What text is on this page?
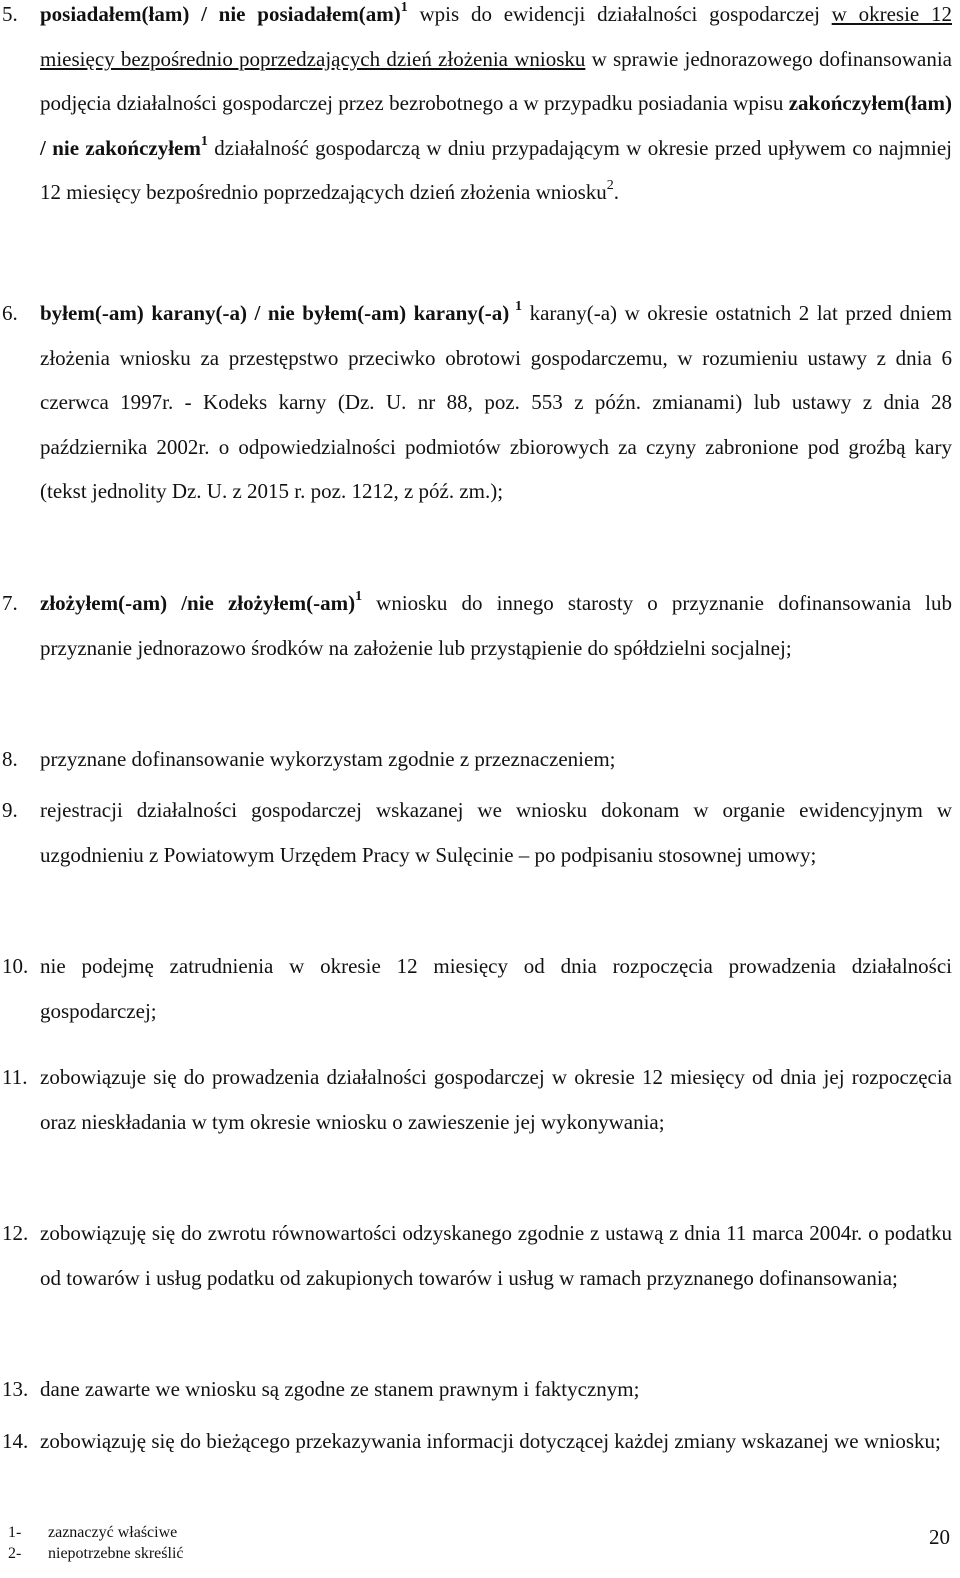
5.	posiadałem(łam) / nie posiadałem(am)$^1$ wpis do ewidencji działalności gospodarczej w okresie 12 miesięcy bezpośrednio poprzedzających dzień złożenia wniosku w sprawie jednorazowego dofinansowania podjęcia działalności gospodarczej przez bezrobotnego a w przypadku posiadania wpisu zakończyłem(łam) / nie zakończyłem$^1$ działalność gospodarczą w dniu przypadającym w okresie przed upływem co najmniej 12 miesięcy bezpośrednio poprzedzających dzień złożenia wniosku$^2$.
6.	byłem(-am) karany(-a) / nie byłem(-am) karany(-a) $^1$ karany(-a) w okresie ostatnich 2 lat przed dniem złożenia wniosku za przestępstwo przeciwko obrotowi gospodarczemu, w rozumieniu ustawy z dnia 6 czerwca 1997r. - Kodeks karny (Dz. U. nr 88, poz. 553 z późn. zmianami) lub ustawy z dnia 28 października 2002r. o odpowiedzialności podmiotów zbiorowych za czyny zabronione pod groźbą kary (tekst jednolity Dz. U. z 2015 r. poz. 1212, z póź. zm.);
7.	złożyłem(-am) /nie $złożyłem(-am)^1$ wniosku do innego starosty o przyznanie dofinansowania lub przyznanie jednorazowo środków na założenie lub przystąpienie do spółdzielni socjalnej;
8.	przyznane dofinansowanie wykorzystam zgodnie z przeznaczeniem;
9.	rejestracji działalności gospodarczej wskazanej we wniosku dokonam w organie ewidencyjnym w uzgodnieniu z Powiatowym Urzędem Pracy w Sulęcinie – po podpisaniu stosownej umowy;
10. nie podejmę zatrudnienia w okresie 12 miesięcy od dnia rozpoczęcia prowadzenia działalności gospodarczej;
11. zobowiązuje się do prowadzenia działalności gospodarczej w okresie 12 miesięcy od dnia jej rozpoczęcia oraz nieskładania w tym okresie wniosku o zawieszenie jej wykonywania;
12. zobowiązuję się do zwrotu równowartości odzyskanego zgodnie z ustawą z dnia 11 marca 2004r. o podatku od towarów i usług podatku od zakupionych towarów i usług w ramach przyznanego dofinansowania;
13. dane zawarte we wniosku są zgodne ze stanem prawnym i faktycznym;
14. zobowiązuję się do bieżącego przekazywania informacji dotyczącej każdej zmiany wskazanej we wniosku;
1- zaznaczyć właściwe
2- niepotrzebne skreślić
20
